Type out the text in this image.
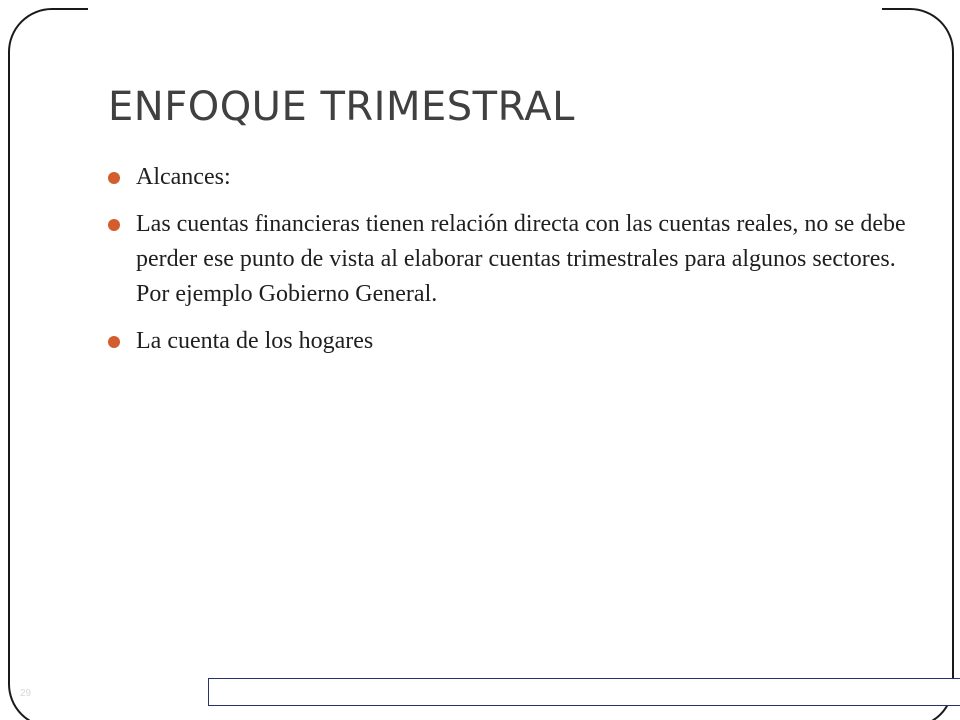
ENFOQUE TRIMESTRAL
Alcances:
Las cuentas financieras tienen relación directa con las cuentas reales, no se debe perder ese punto de vista al elaborar cuentas trimestrales para algunos sectores. Por ejemplo Gobierno General.
La cuenta de los hogares
29
